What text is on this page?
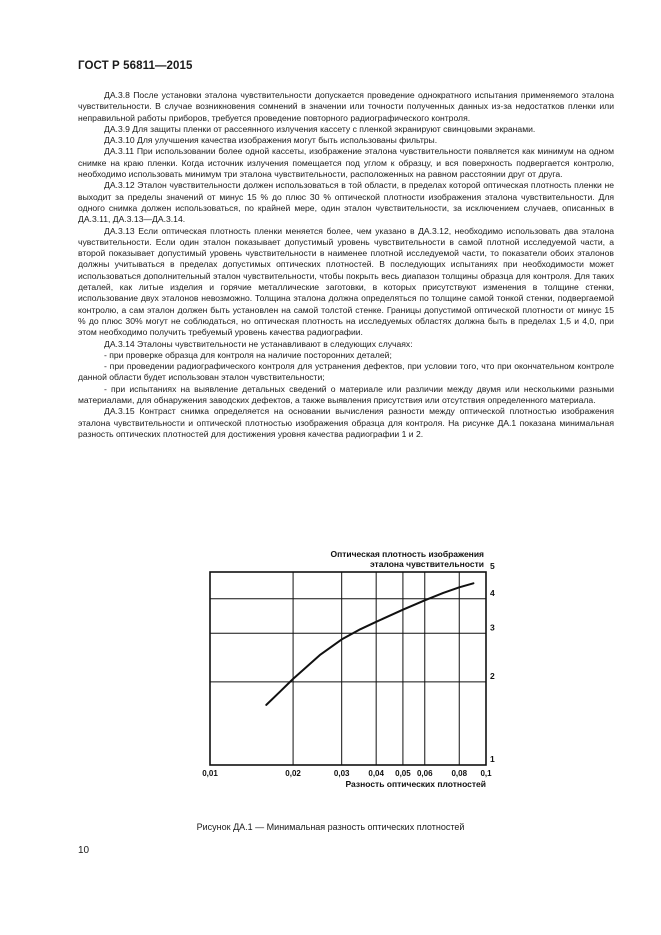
ГОСТ Р 56811—2015

ДА.3.8 После установки эталона чувствительности допускается проведение однократного испытания применяемого эталона чувствительности. В случае возникновения сомнений в значении или точности полученных данных из-за недостатков пленки или неправильной работы приборов, требуется проведение повторного радиографического контроля.

ДА.3.9 Для защиты пленки от рассеянного излучения кассету с пленкой экранируют свинцовыми экранами.

ДА.3.10 Для улучшения качества изображения могут быть использованы фильтры.

ДА.3.11 При использовании более одной кассеты, изображение эталона чувствительности появляется как минимум на одном снимке на краю пленки. Когда источник излучения помещается под углом к образцу, и вся поверхность подвергается контролю, необходимо использовать минимум три эталона чувствительности, расположенных на равном расстоянии друг от друга.

ДА.3.12 Эталон чувствительности должен использоваться в той области, в пределах которой оптическая плотность пленки не выходит за пределы значений от минус 15 % до плюс 30 % оптической плотности изображения эталона чувствительности. Для одного снимка должен использоваться, по крайней мере, один эталон чувствительности, за исключением случаев, описанных в ДА.3.11, ДА.3.13—ДА.3.14.

ДА.3.13 Если оптическая плотность пленки меняется более, чем указано в ДА.3.12, необходимо использовать два эталона чувствительности. Если один эталон показывает допустимый уровень чувствительности в самой плотной исследуемой части, а второй показывает допустимый уровень чувствительности в наименее плотной исследуемой части, то показатели обоих эталонов должны учитываться в пределах допустимых оптических плотностей. В последующих испытаниях при необходимости может использоваться дополнительный эталон чувствительности, чтобы покрыть весь диапазон толщины образца для контроля. Для таких деталей, как литые изделия и горячие металлические заготовки, в которых присутствуют изменения в толщине стенки, использование двух эталонов невозможно. Толщина эталона должна определяться по толщине самой тонкой стенки, подвергаемой контролю, а сам эталон должен быть установлен на самой толстой стенке. Границы допустимой оптической плотности от минус 15 % до плюс 30% могут не соблюдаться, но оптическая плотность на исследуемых областях должна быть в пределах 1,5 и 4,0, при этом необходимо получить требуемый уровень качества радиографии.

ДА.3.14 Эталоны чувствительности не устанавливают в следующих случаях:

- при проверке образца для контроля на наличие посторонних деталей;

- при проведении радиографического контроля для устранения дефектов, при условии того, что при окончательном контроле данной области будет использован эталон чувствительности;

- при испытаниях на выявление детальных сведений о материале или различии между двумя или несколькими разными материалами, для обнаружения заводских дефектов, а также выявления присутствия или отсутствия определенного материала.

ДА.3.15 Контраст снимка определяется на основании вычисления разности между оптической плотностью изображения эталона чувствительности и оптической плотностью изображения образца для контроля. На рисунке ДА.1 показана минимальная разность оптических плотностей для достижения уровня качества радиографии 1 и 2.

0,01	0,02	0,03 0,04 0,05 0,06 0,08 0,1
1
2
3
4
5
Оптическая плотность изображения
эталона чувствительности
Разность оптических плотностей
Рисунок ДА.1 — Минимальная разность оптических плотностей
10
